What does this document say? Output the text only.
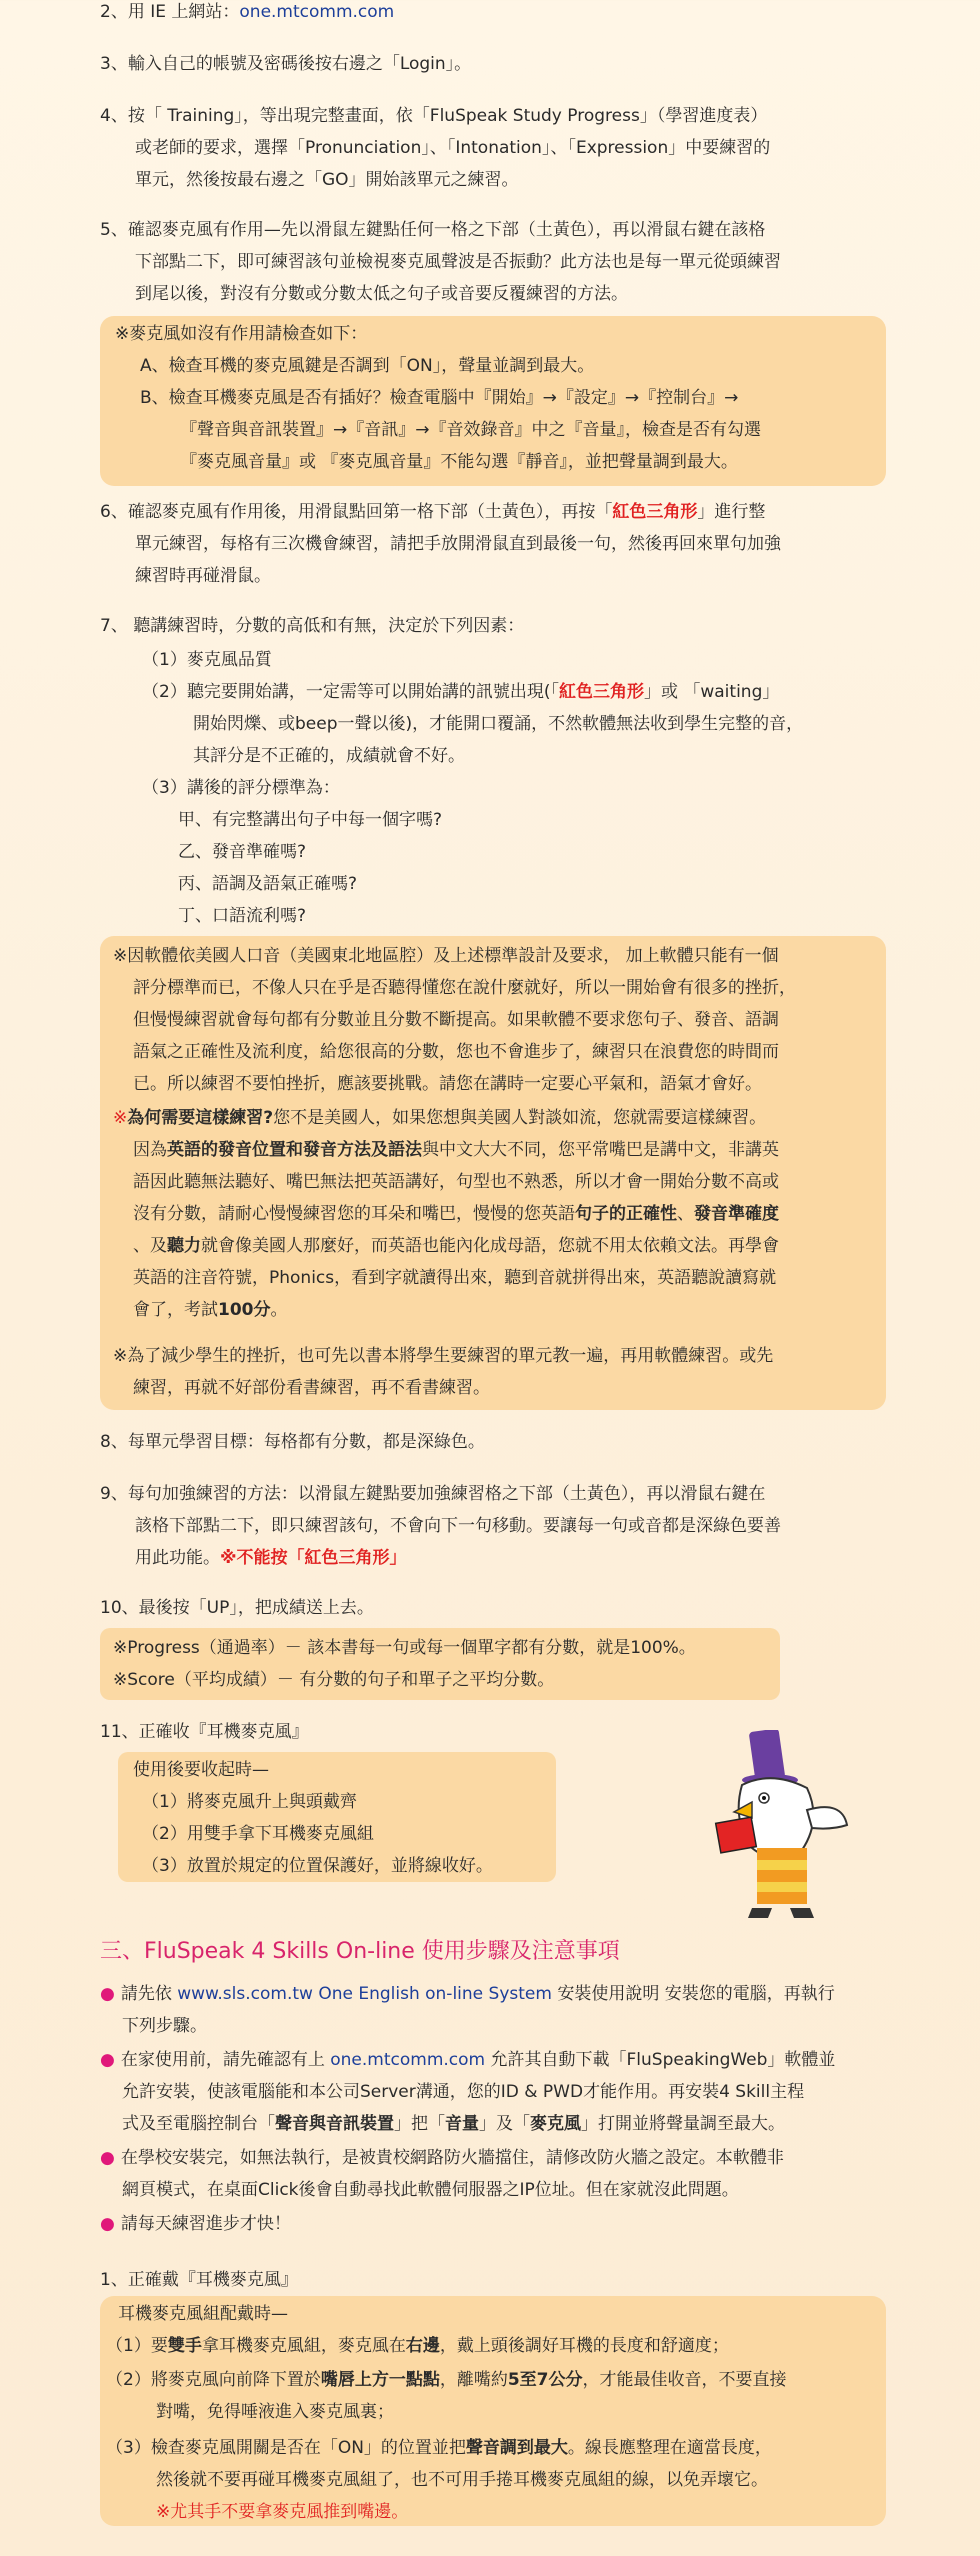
2、用 IE 上網站：one.mtcomm.com
3、輸入自己的帳號及密碼後按右邊之「Login」。
4、按「 Training」，等出現完整畫面，依「FluSpeak Study Progress」（學習進度表）
或老師的要求，選擇「Pronunciation」、「Intonation」、「Expression」中要練習的
單元，然後按最右邊之「GO」開始該單元之練習。
5、確認麥克風有作用—先以滑鼠左鍵點任何一格之下部（土黃色），再以滑鼠右鍵在該格
下部點二下，即可練習該句並檢視麥克風聲波是否振動？此方法也是每一單元從頭練習
到尾以後，對沒有分數或分數太低之句子或音要反覆練習的方法。
※麥克風如沒有作用請檢查如下：
A、檢查耳機的麥克風鍵是否調到「ON」，聲量並調到最大。
B、檢查耳機麥克風是否有插好？檢查電腦中『開始』→『設定』→『控制台』→
『聲音與音訊裝置』→『音訊』→『音效錄音』中之『音量』，檢查是否有勾選
『麥克風音量』或 『麥克風音量』不能勾選『靜音』，並把聲量調到最大。
6、確認麥克風有作用後，用滑鼠點回第一格下部（土黃色），再按「紅色三角形」進行整
單元練習，每格有三次機會練習，請把手放開滑鼠直到最後一句，然後再回來單句加強
練習時再碰滑鼠。
7、 聽講練習時，分數的高低和有無，決定於下列因素：
（1）麥克風品質
（2）聽完要開始講，一定需等可以開始講的訊號出現(「紅色三角形」或 「waiting」
開始閃爍、或beep一聲以後)，才能開口覆誦，不然軟體無法收到學生完整的音，
其評分是不正確的，成績就會不好。
（3）講後的評分標準為：
甲、有完整講出句子中每一個字嗎?
乙、發音準確嗎?
丙、語調及語氣正確嗎?
丁、口語流利嗎?
※因軟體依美國人口音（美國東北地區腔）及上述標準設計及要求， 加上軟體只能有一個
評分標準而已，不像人只在乎是否聽得懂您在說什麼就好，所以一開始會有很多的挫折，
但慢慢練習就會每句都有分數並且分數不斷提高。如果軟體不要求您句子、發音、語調
語氣之正確性及流利度，給您很高的分數，您也不會進步了，練習只在浪費您的時間而
已。所以練習不要怕挫折，應該要挑戰。請您在講時一定要心平氣和，語氣才會好。
※為何需要這樣練習?您不是美國人，如果您想與美國人對談如流，您就需要這樣練習。
因為英語的發音位置和發音方法及語法與中文大大不同，您平常嘴巴是講中文，非講英
語因此聽無法聽好、嘴巴無法把英語講好，句型也不熟悉，所以才會一開始分數不高或
沒有分數，請耐心慢慢練習您的耳朵和嘴巴，慢慢的您英語句子的正確性、發音準確度
、及聽力就會像美國人那麼好，而英語也能內化成母語，您就不用太依賴文法。再學會
英語的注音符號，Phonics，看到字就讀得出來，聽到音就拼得出來，英語聽說讀寫就
會了，考試100分。
※為了減少學生的挫折，也可先以書本將學生要練習的單元教一遍，再用軟體練習。或先
練習，再就不好部份看書練習，再不看書練習。
8、每單元學習目標：每格都有分數，都是深綠色。
9、每句加強練習的方法：以滑鼠左鍵點要加強練習格之下部（土黃色），再以滑鼠右鍵在
該格下部點二下，即只練習該句，不會向下一句移動。要讓每一句或音都是深綠色要善
用此功能。※不能按「紅色三角形」
10、最後按「UP」，把成績送上去。
※Progress（通過率）－ 該本書每一句或每一個單字都有分數，就是100%。
※Score（平均成績）－ 有分數的句子和單子之平均分數。
11、正確收『耳機麥克風』
使用後要收起時—
（1）將麥克風升上與頭戴齊
（2）用雙手拿下耳機麥克風組
（3）放置於規定的位置保護好，並將線收好。
三、FluSpeak 4 Skills On-line 使用步驟及注意事項
● 請先依 www.sls.com.tw One English on-line System 安裝使用說明 安裝您的電腦，再執行
下列步驟。
● 在家使用前，請先確認有上 one.mtcomm.com 允許其自動下載「FluSpeakingWeb」軟體並
允許安裝，使該電腦能和本公司Server溝通，您的ID & PWD才能作用。再安裝4 Skill主程
式及至電腦控制台「聲音與音訊裝置」把「音量」及「麥克風」打開並將聲量調至最大。
● 在學校安裝完，如無法執行，是被貴校網路防火牆擋住，請修改防火牆之設定。本軟體非
網頁模式，在桌面Click後會自動尋找此軟體伺服器之IP位址。但在家就沒此問題。
● 請每天練習進步才快！
1、正確戴『耳機麥克風』
耳機麥克風組配戴時—
（1）要雙手拿耳機麥克風組，麥克風在右邊，戴上頭後調好耳機的長度和舒適度；
（2）將麥克風向前降下置於嘴唇上方一點點，離嘴約5至7公分，才能最佳收音，不要直接
對嘴，免得唾液進入麥克風裏；
（3）檢查麥克風開關是否在「ON」的位置並把聲音調到最大。線長應整理在適當長度，
然後就不要再碰耳機麥克風組了，也不可用手捲耳機麥克風組的線，以免弄壞它。
※尤其手不要拿麥克風推到嘴邊。
